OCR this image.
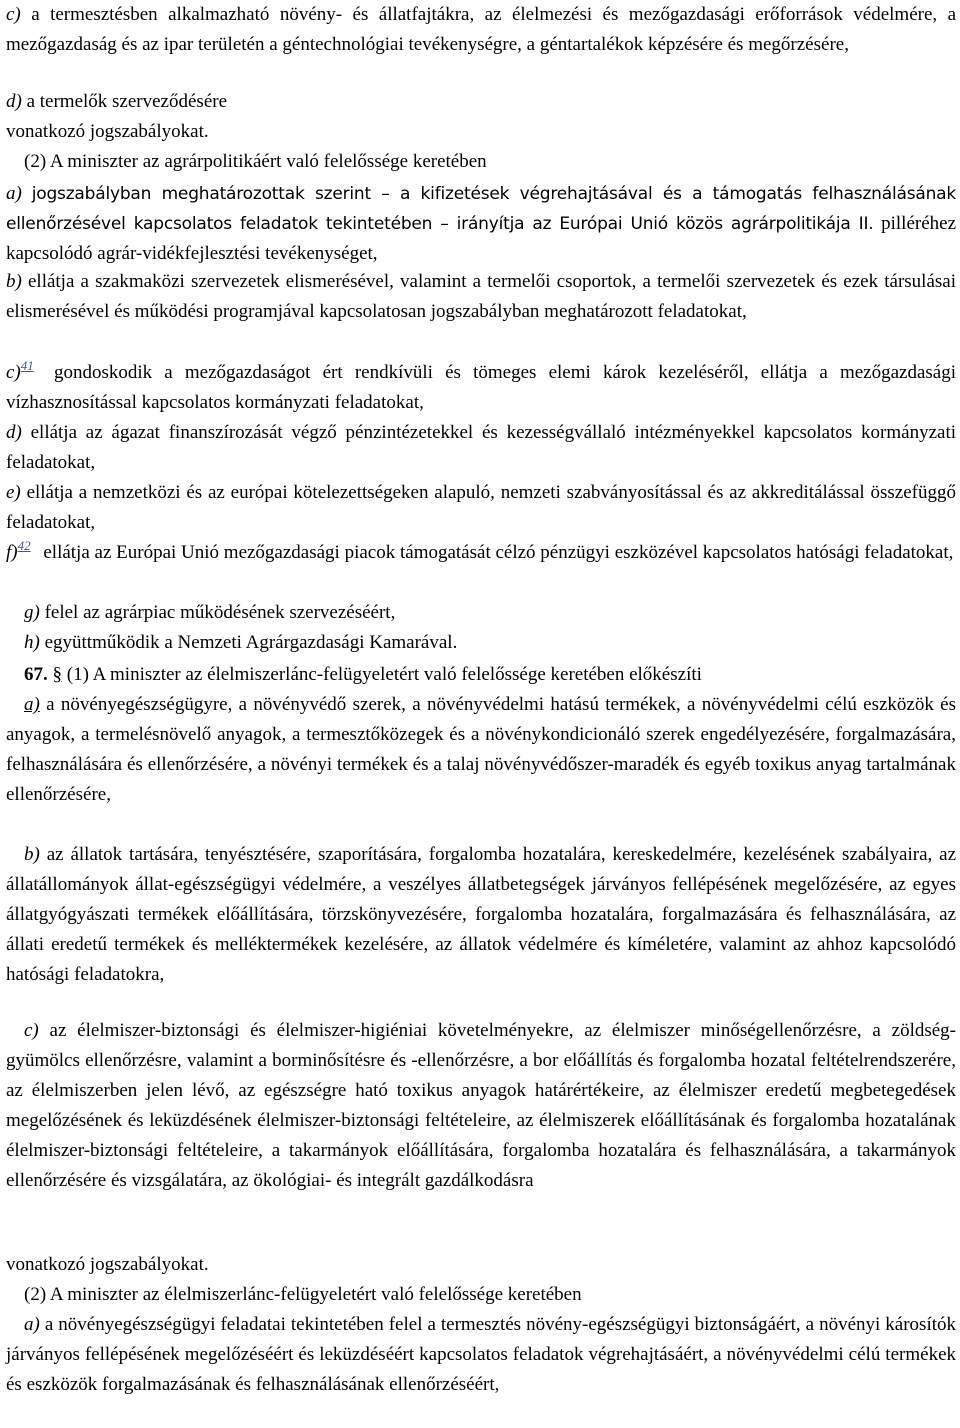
c) a termesztésben alkalmazható növény- és állatfajtákra, az élelmezési és mezőgazdasági erőforrások védelmére, a mezőgazdaság és az ipar területén a géntechnológiai tevékenységre, a géntartalékok képzésére és megőrzésére,
d) a termelők szerveződésére
vonatkozó jogszabályokat.
(2) A miniszter az agrárpolitikáért való felelőssége keretében
a) jogszabályban meghatározottak szerint – a kifizetések végrehajtásával és a támogatás felhasználásának ellenőrzésével kapcsolatos feladatok tekintetében – irányítja az Európai Unió közös agrárpolitikája II. pilléréhez kapcsolódó agrár-vidékfejlesztési tevékenységet,
b) ellátja a szakmaközi szervezetek elismerésével, valamint a termelői csoportok, a termelői szervezetek és ezek társulásai elismerésével és működési programjával kapcsolatosan jogszabályban meghatározott feladatokat,
c)41 gondoskodik a mezőgazdaságot ért rendkívüli és tömeges elemi károk kezeléséről, ellátja a mezőgazdasági vízhasznosítással kapcsolatos kormányzati feladatokat,
d) ellátja az ágazat finanszírozását végző pénzintézetekkel és kezességvállaló intézményekkel kapcsolatos kormányzati feladatokat,
e) ellátja a nemzetközi és az európai kötelezettségeken alapuló, nemzeti szabványosítással és az akkreditálással összefüggő feladatokat,
f)42 ellátja az Európai Unió mezőgazdasági piacok támogatását célzó pénzügyi eszközével kapcsolatos hatósági feladatokat,
g) felel az agrárpiac működésének szervezéséért,
h) együttműködik a Nemzeti Agrárgazdasági Kamarával.
67. § (1) A miniszter az élelmiszerlánc-felügyeletért való felelőssége keretében előkészíti
a) a növényegészségügyre, a növényvédő szerek, a növényvédelmi hatású termékek, a növényvédelmi célú eszközök és anyagok, a termelésnövelő anyagok, a termesztőközegek és a növénykondicionáló szerek engedélyezésére, forgalmazására, felhasználására és ellenőrzésére, a növényi termékek és a talaj növényvédőszer-maradék és egyéb toxikus anyag tartalmának ellenőrzésére,
b) az állatok tartására, tenyésztésére, szaporítására, forgalomba hozatalára, kereskedelmére, kezelésének szabályaira, az állatállományok állat-egészségügyi védelmére, a veszélyes állatbetegségek járványos fellépésének megelőzésére, az egyes állatgyógyászati termékek előállítására, törzskönyvezésére, forgalomba hozatalára, forgalmazására és felhasználására, az állati eredetű termékek és melléktermékek kezelésére, az állatok védelmére és kíméletére, valamint az ahhoz kapcsolódó hatósági feladatokra,
c) az élelmiszer-biztonsági és élelmiszer-higiéniai követelményekre, az élelmiszer minőségellenőrzésre, a zöldség-gyümölcs ellenőrzésre, valamint a borminősítésre és -ellenőrzésre, a bor előállítás és forgalomba hozatal feltételrendszerére, az élelmiszerben jelen lévő, az egészségre ható toxikus anyagok határértékeire, az élelmiszer eredetű megbetegedések megelőzésének és leküzdésének élelmiszer-biztonsági feltételeire, az élelmiszerek előállításának és forgalomba hozatalának élelmiszer-biztonsági feltételeire, a takarmányok előállítására, forgalomba hozatalára és felhasználására, a takarmányok ellenőrzésére és vizsgálatára, az ökológiai- és integrált gazdálkodásra
vonatkozó jogszabályokat.
(2) A miniszter az élelmiszerlánc-felügyeletért való felelőssége keretében
a) a növényegészségügyi feladatai tekintetében felel a termesztés növény-egészségügyi biztonságáért, a növényi károsítók járványos fellépésének megelőzéséért és leküzdéséért kapcsolatos feladatok végrehajtásáért, a növényvédelmi célú termékek és eszközök forgalmazásának és felhasználásának ellenőrzéséért,
